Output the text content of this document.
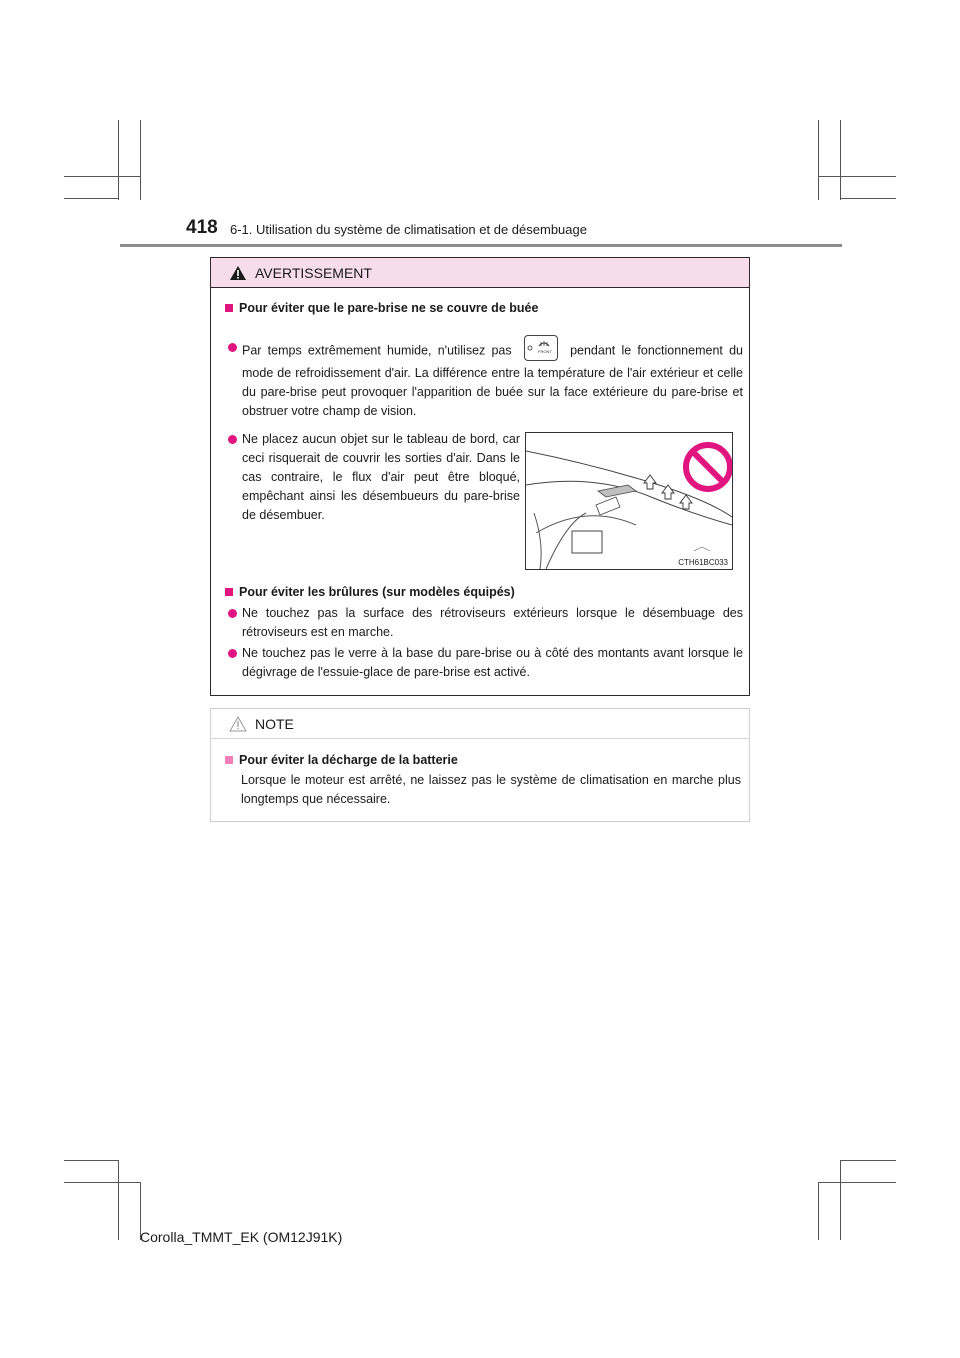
418 6-1. Utilisation du système de climatisation et de désembuage
AVERTISSEMENT
Pour éviter que le pare-brise ne se couvre de buée
Par temps extrêmement humide, n'utilisez pas	FRONT pendant le fonctionnement du mode de refroidissement d'air. La différence entre la température de l'air extérieur et celle du pare-brise peut provoquer l'apparition de buée sur la face extérieure du pare-brise et obstruer votre champ de vision.
Ne placez aucun objet sur le tableau de bord, car ceci risquerait de couvrir les sorties d'air. Dans le cas contraire, le flux d'air peut être bloqué, empêchant ainsi les désembueurs du pare-brise de désembuer.
CTH61BC033
Pour éviter les brûlures (sur modèles équipés)
Ne touchez pas la surface des rétroviseurs extérieurs lorsque le désembuage des rétroviseurs est en marche.
Ne touchez pas le verre à la base du pare-brise ou à côté des montants avant lorsque le dégivrage de l'essuie-glace de pare-brise est activé.
NOTE
Pour éviter la décharge de la batterie
Lorsque le moteur est arrêté, ne laissez pas le système de climatisation en marche plus longtemps que nécessaire.
Corolla_TMMT_EK (OM12J91K)
